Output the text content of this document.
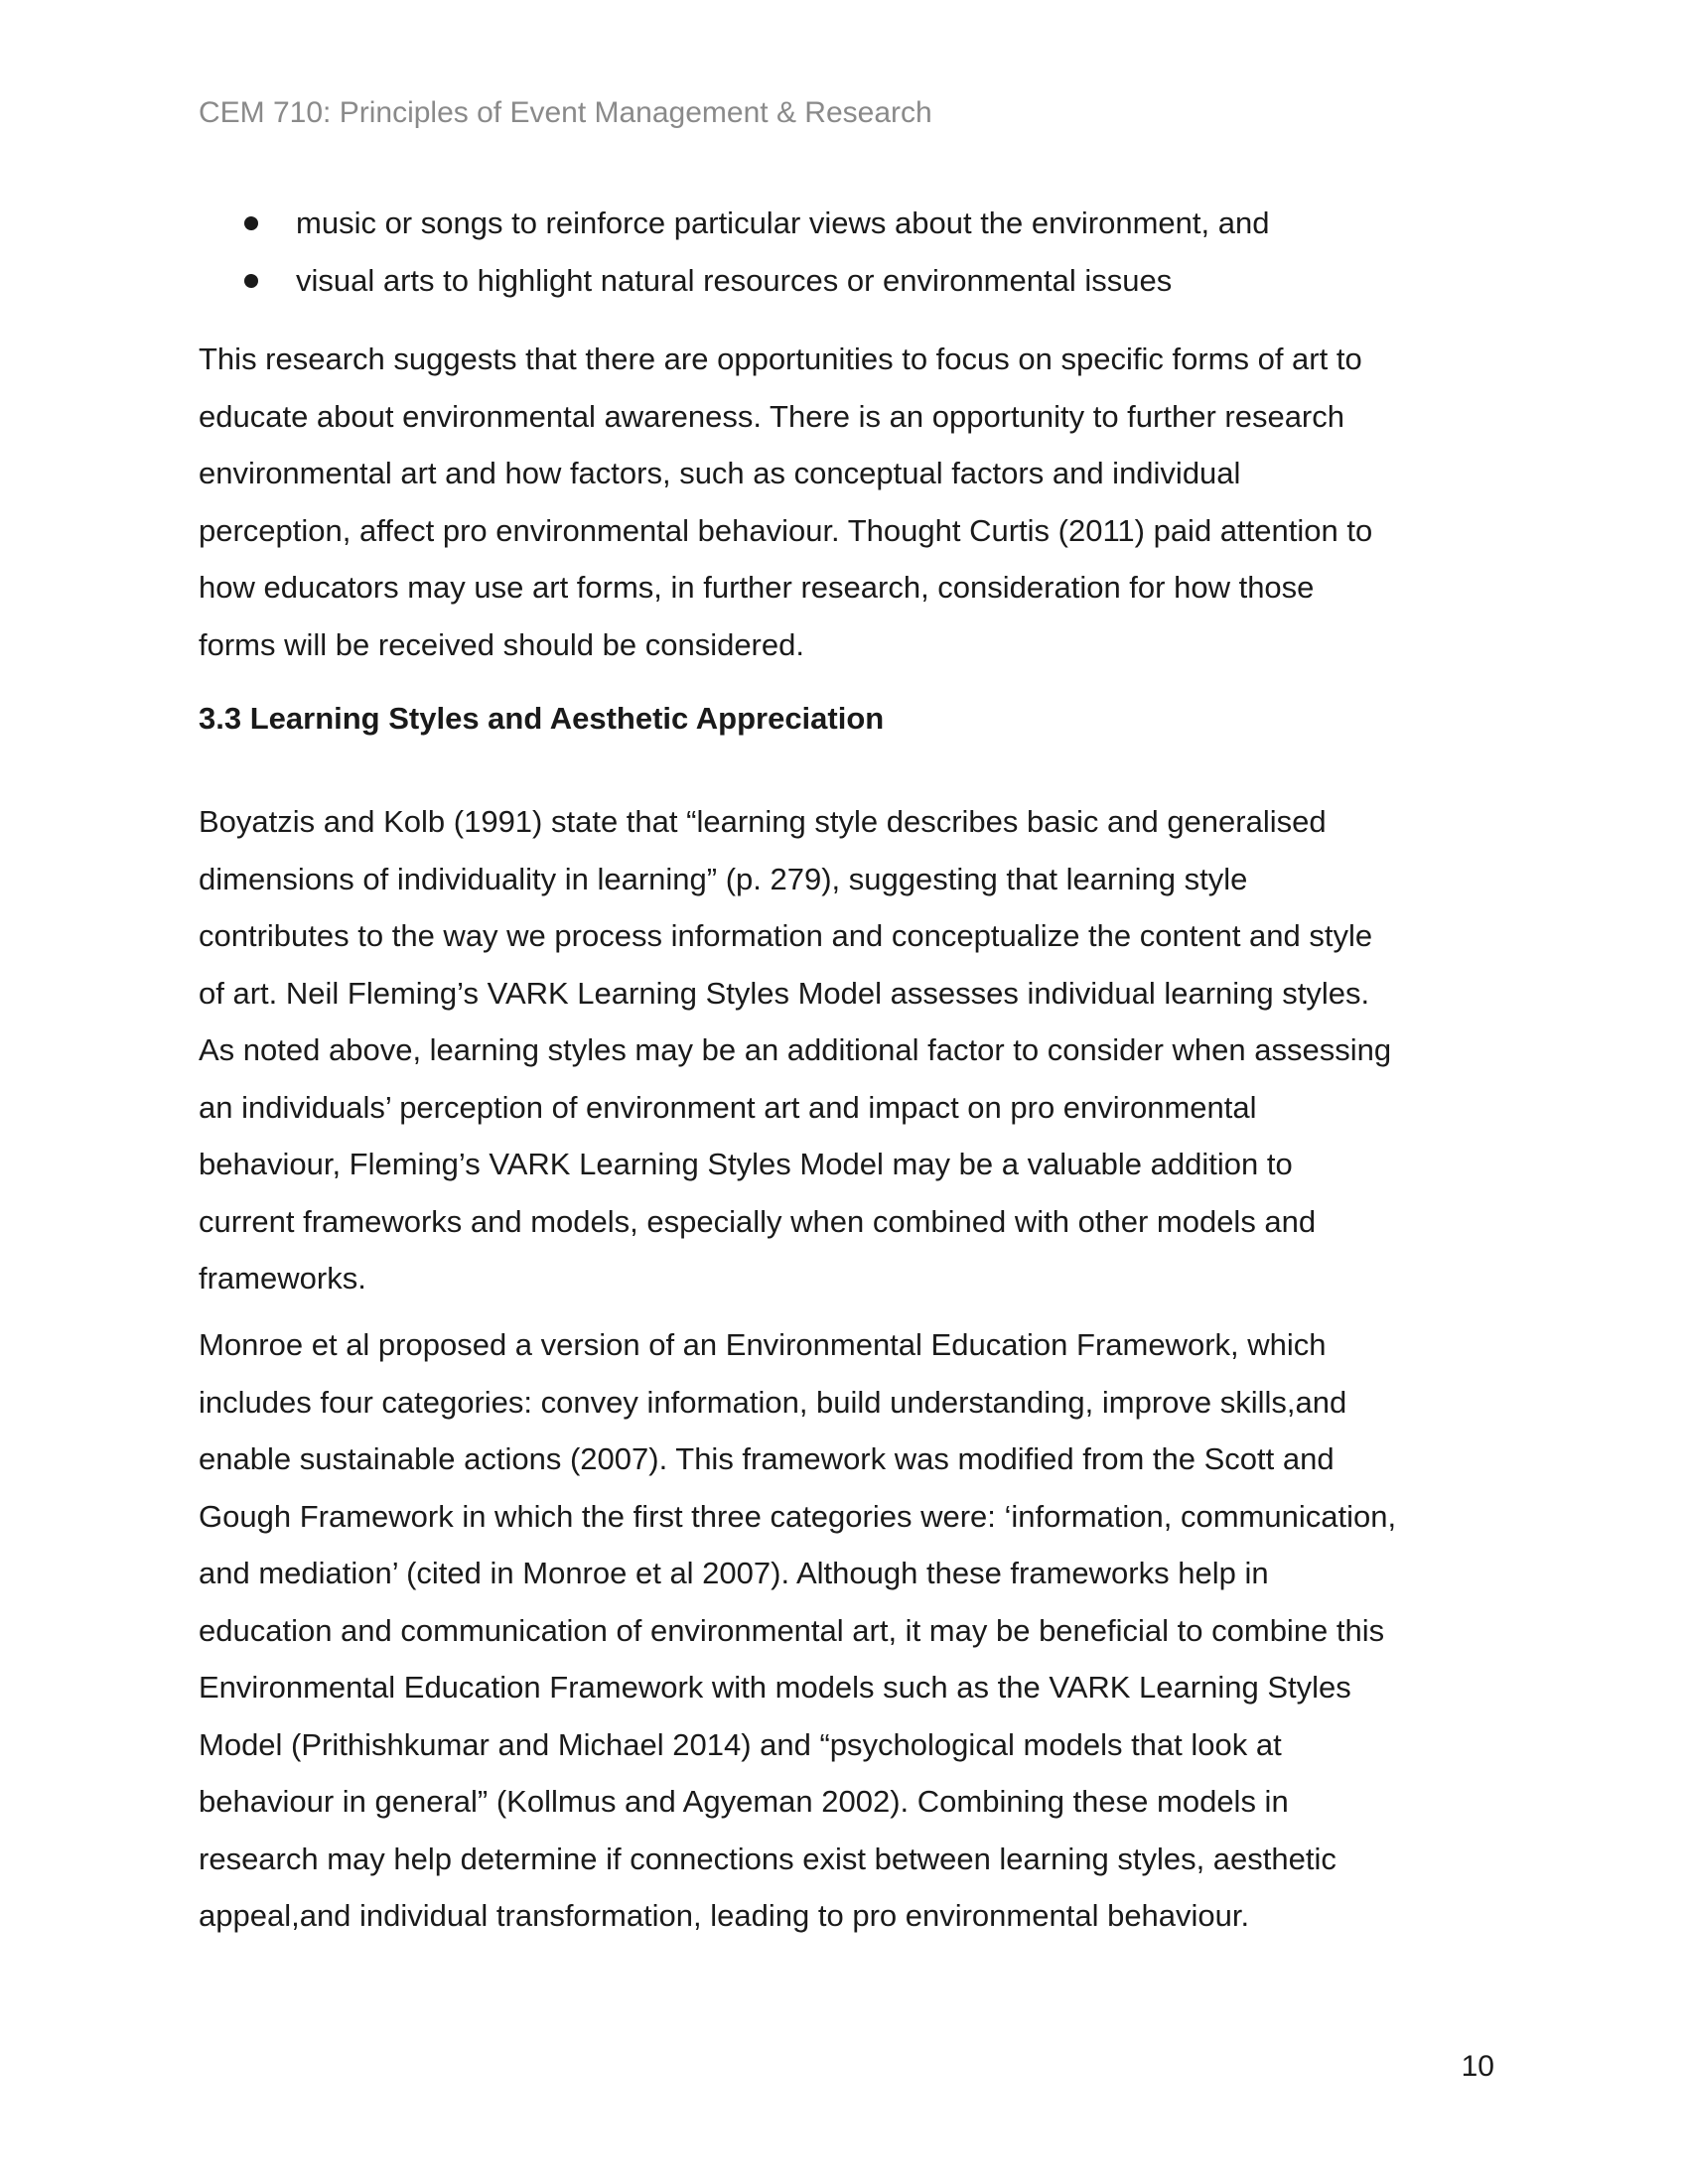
CEM 710: Principles of Event Management & Research
music or songs to reinforce particular views about the environment, and
visual arts to highlight natural resources or environmental issues

This research suggests that there are opportunities to focus on specific forms of art to
educate about environmental awareness. There is an opportunity to further research
environmental art and how factors, such as conceptual factors and individual
perception, affect pro environmental behaviour. Thought Curtis (2011) paid attention to
how educators may use art forms, in further research, consideration for how those
forms will be received should be considered.

3.3 Learning Styles and Aesthetic Appreciation

Boyatzis and Kolb (1991) state that “learning style describes basic and generalised
dimensions of individuality in learning” (p. 279), suggesting that learning style
contributes to the way we process information and conceptualize the content and style
of art. Neil Fleming’s VARK Learning Styles Model assesses individual learning styles.
As noted above, learning styles may be an additional factor to consider when assessing
an individuals’ perception of environment art and impact on pro environmental
behaviour, Fleming’s VARK Learning Styles Model may be a valuable addition to
current frameworks and models, especially when combined with other models and
frameworks.

Monroe et al proposed a version of an Environmental Education Framework, which
includes four categories: convey information, build understanding, improve skills,and
enable sustainable actions (2007). This framework was modified from the Scott and
Gough Framework in which the first three categories were: ‘information, communication,
and mediation’ (cited in Monroe et al 2007). Although these frameworks help in
education and communication of environmental art, it may be beneficial to combine this
Environmental Education Framework with models such as the VARK Learning Styles
Model (Prithishkumar and Michael 2014) and “psychological models that look at
behaviour in general” (Kollmus and Agyeman 2002). Combining these models in
research may help determine if connections exist between learning styles, aesthetic
appeal,and individual transformation, leading to pro environmental behaviour.

10
